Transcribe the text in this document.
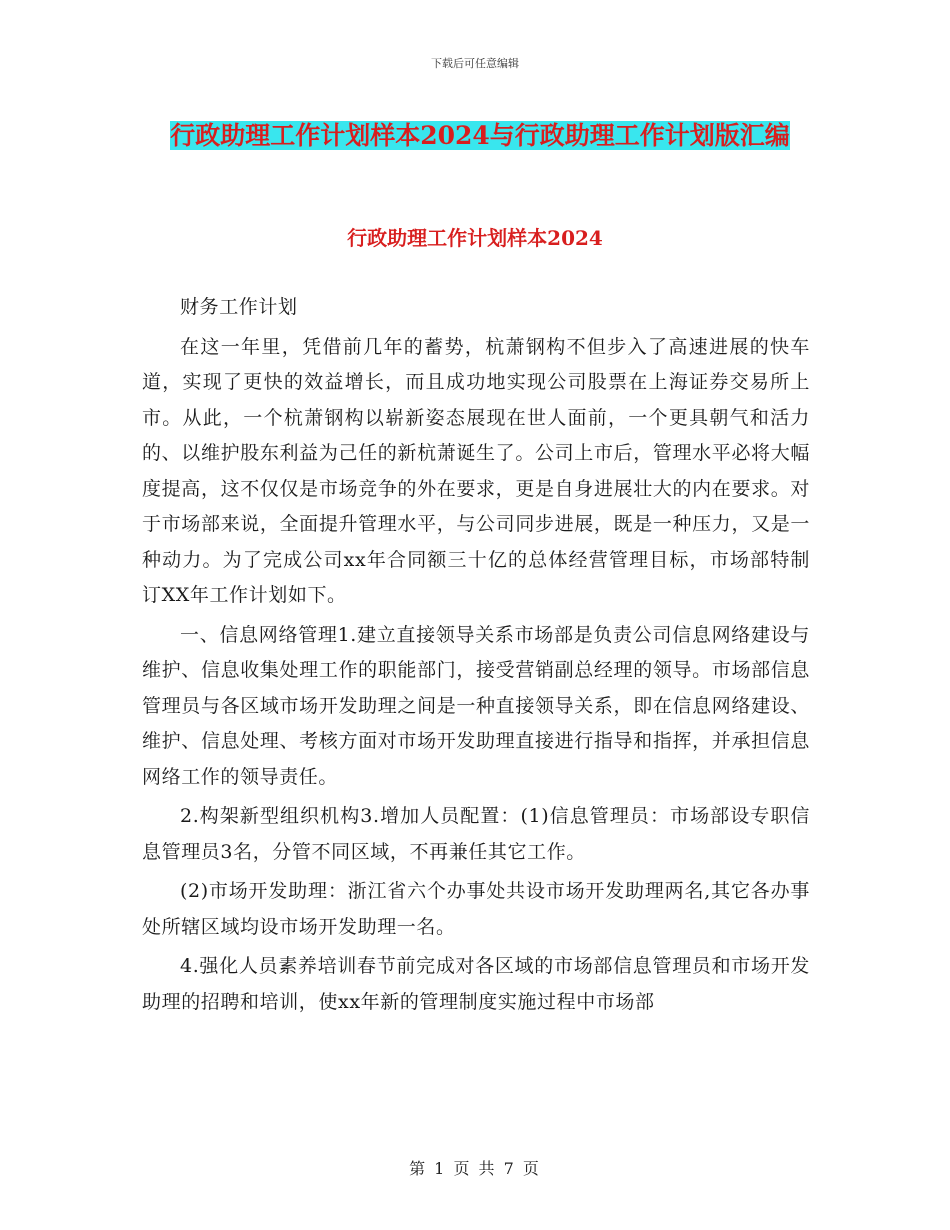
下载后可任意编辑
行政助理工作计划样本2024与行政助理工作计划版汇编
行政助理工作计划样本2024

财务工作计划

在这一年里，凭借前几年的蓄势，杭萧钢构不但步入了高速进展的快车道，实现了更快的效益增长，而且成功地实现公司股票在上海证券交易所上市。从此，一个杭萧钢构以崭新姿态展现在世人面前，一个更具朝气和活力的、以维护股东利益为己任的新杭萧诞生了。公司上市后，管理水平必将大幅度提高，这不仅仅是市场竞争的外在要求，更是自身进展壮大的内在要求。对于市场部来说，全面提升管理水平，与公司同步进展，既是一种压力，又是一种动力。为了完成公司xx年合同额三十亿的总体经营管理目标，市场部特制订XX年工作计划如下。

一、信息网络管理1.建立直接领导关系市场部是负责公司信息网络建设与维护、信息收集处理工作的职能部门，接受营销副总经理的领导。市场部信息管理员与各区域市场开发助理之间是一种直接领导关系，即在信息网络建设、维护、信息处理、考核方面对市场开发助理直接进行指导和指挥，并承担信息网络工作的领导责任。

2.构架新型组织机构3.增加人员配置：(1)信息管理员：市场部设专职信息管理员3名，分管不同区域，不再兼任其它工作。

(2)市场开发助理：浙江省六个办事处共设市场开发助理两名,其它各办事处所辖区域均设市场开发助理一名。

4.强化人员素养培训春节前完成对各区域的市场部信息管理员和市场开发助理的招聘和培训，使xx年新的管理制度实施过程中市场部

第 1 页 共 7 页
